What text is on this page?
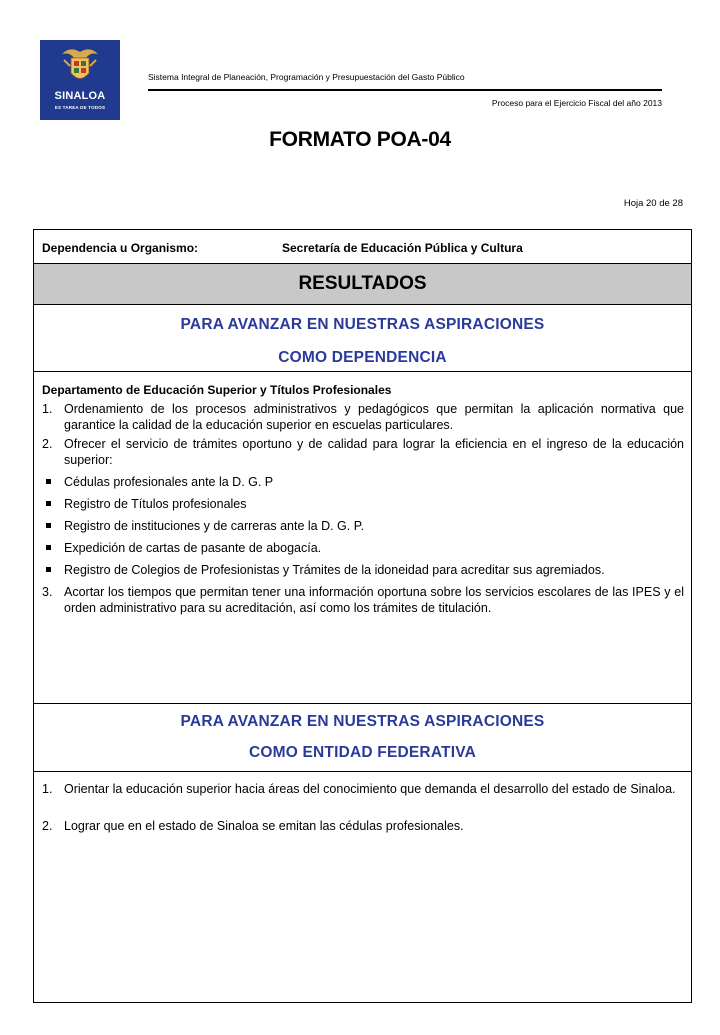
SINALOA
ES TAREA DE TODOS
Sistema Integral de Planeación, Programación y Presupuestación del Gasto Público
Proceso para el Ejercicio Fiscal del año 2013
FORMATO POA-04
Hoja 20 de 28
Dependencia u Organismo:	Secretaría de Educación Pública y Cultura
RESULTADOS
PARA AVANZAR EN NUESTRAS ASPIRACIONES
COMO DEPENDENCIA
Departamento de Educación Superior y Títulos Profesionales
1. Ordenamiento de los procesos administrativos y pedagógicos que permitan la aplicación normativa que garantice la calidad de la educación superior en escuelas particulares.
2. Ofrecer el servicio de trámites oportuno y de calidad para lograr la eficiencia en el ingreso de la educación superior:
Cédulas profesionales ante la D. G. P
Registro de Títulos profesionales
Registro de instituciones y de carreras ante la D. G. P.
Expedición de cartas de pasante de abogacía.
Registro de Colegios de Profesionistas y Trámites de la idoneidad para acreditar sus agremiados.
3. Acortar los tiempos que permitan tener una información oportuna sobre los servicios escolares de las IPES y el orden administrativo para su acreditación, así como los trámites de titulación.
PARA AVANZAR EN NUESTRAS ASPIRACIONES
COMO ENTIDAD FEDERATIVA
1. Orientar la educación superior hacia áreas del conocimiento que demanda el desarrollo del estado de Sinaloa.
2. Lograr que en el estado de Sinaloa se emitan las cédulas profesionales.
